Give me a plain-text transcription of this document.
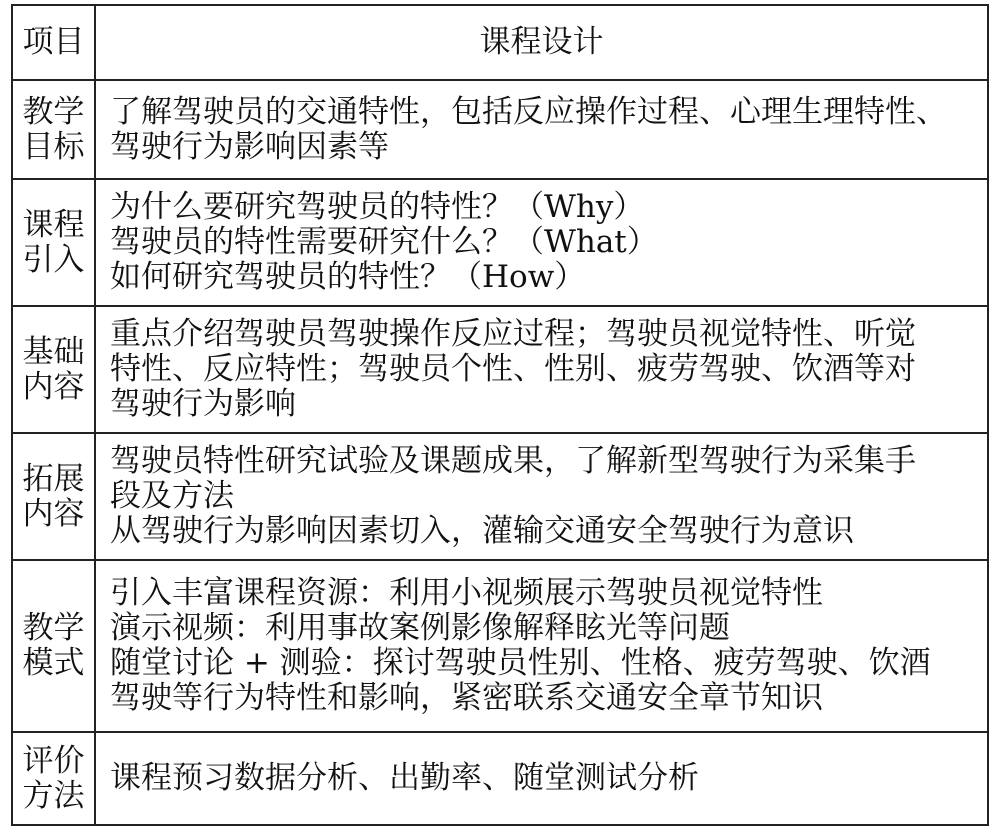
项目	课程设计

教学
目标	了解驾驶员的交通特性，包括反应操作过程、心理生理特性、
驾驶行为影响因素等

课程
引入	为什么要研究驾驶员的特性？（Why）
驾驶员的特性需要研究什么？（What）
如何研究驾驶员的特性？（How）

基础
内容	重点介绍驾驶员驾驶操作反应过程；驾驶员视觉特性、听觉
特性、反应特性；驾驶员个性、性别、疲劳驾驶、饮酒等对
驾驶行为影响

拓展
内容	驾驶员特性研究试验及课题成果，了解新型驾驶行为采集手
段及方法
从驾驶行为影响因素切入，灌输交通安全驾驶行为意识

教学
模式	引入丰富课程资源：利用小视频展示驾驶员视觉特性
演示视频：利用事故案例影像解释眩光等问题
随堂讨论 + 测验：探讨驾驶员性别、性格、疲劳驾驶、饮酒
驾驶等行为特性和影响，紧密联系交通安全章节知识

评价
方法	课程预习数据分析、出勤率、随堂测试分析
